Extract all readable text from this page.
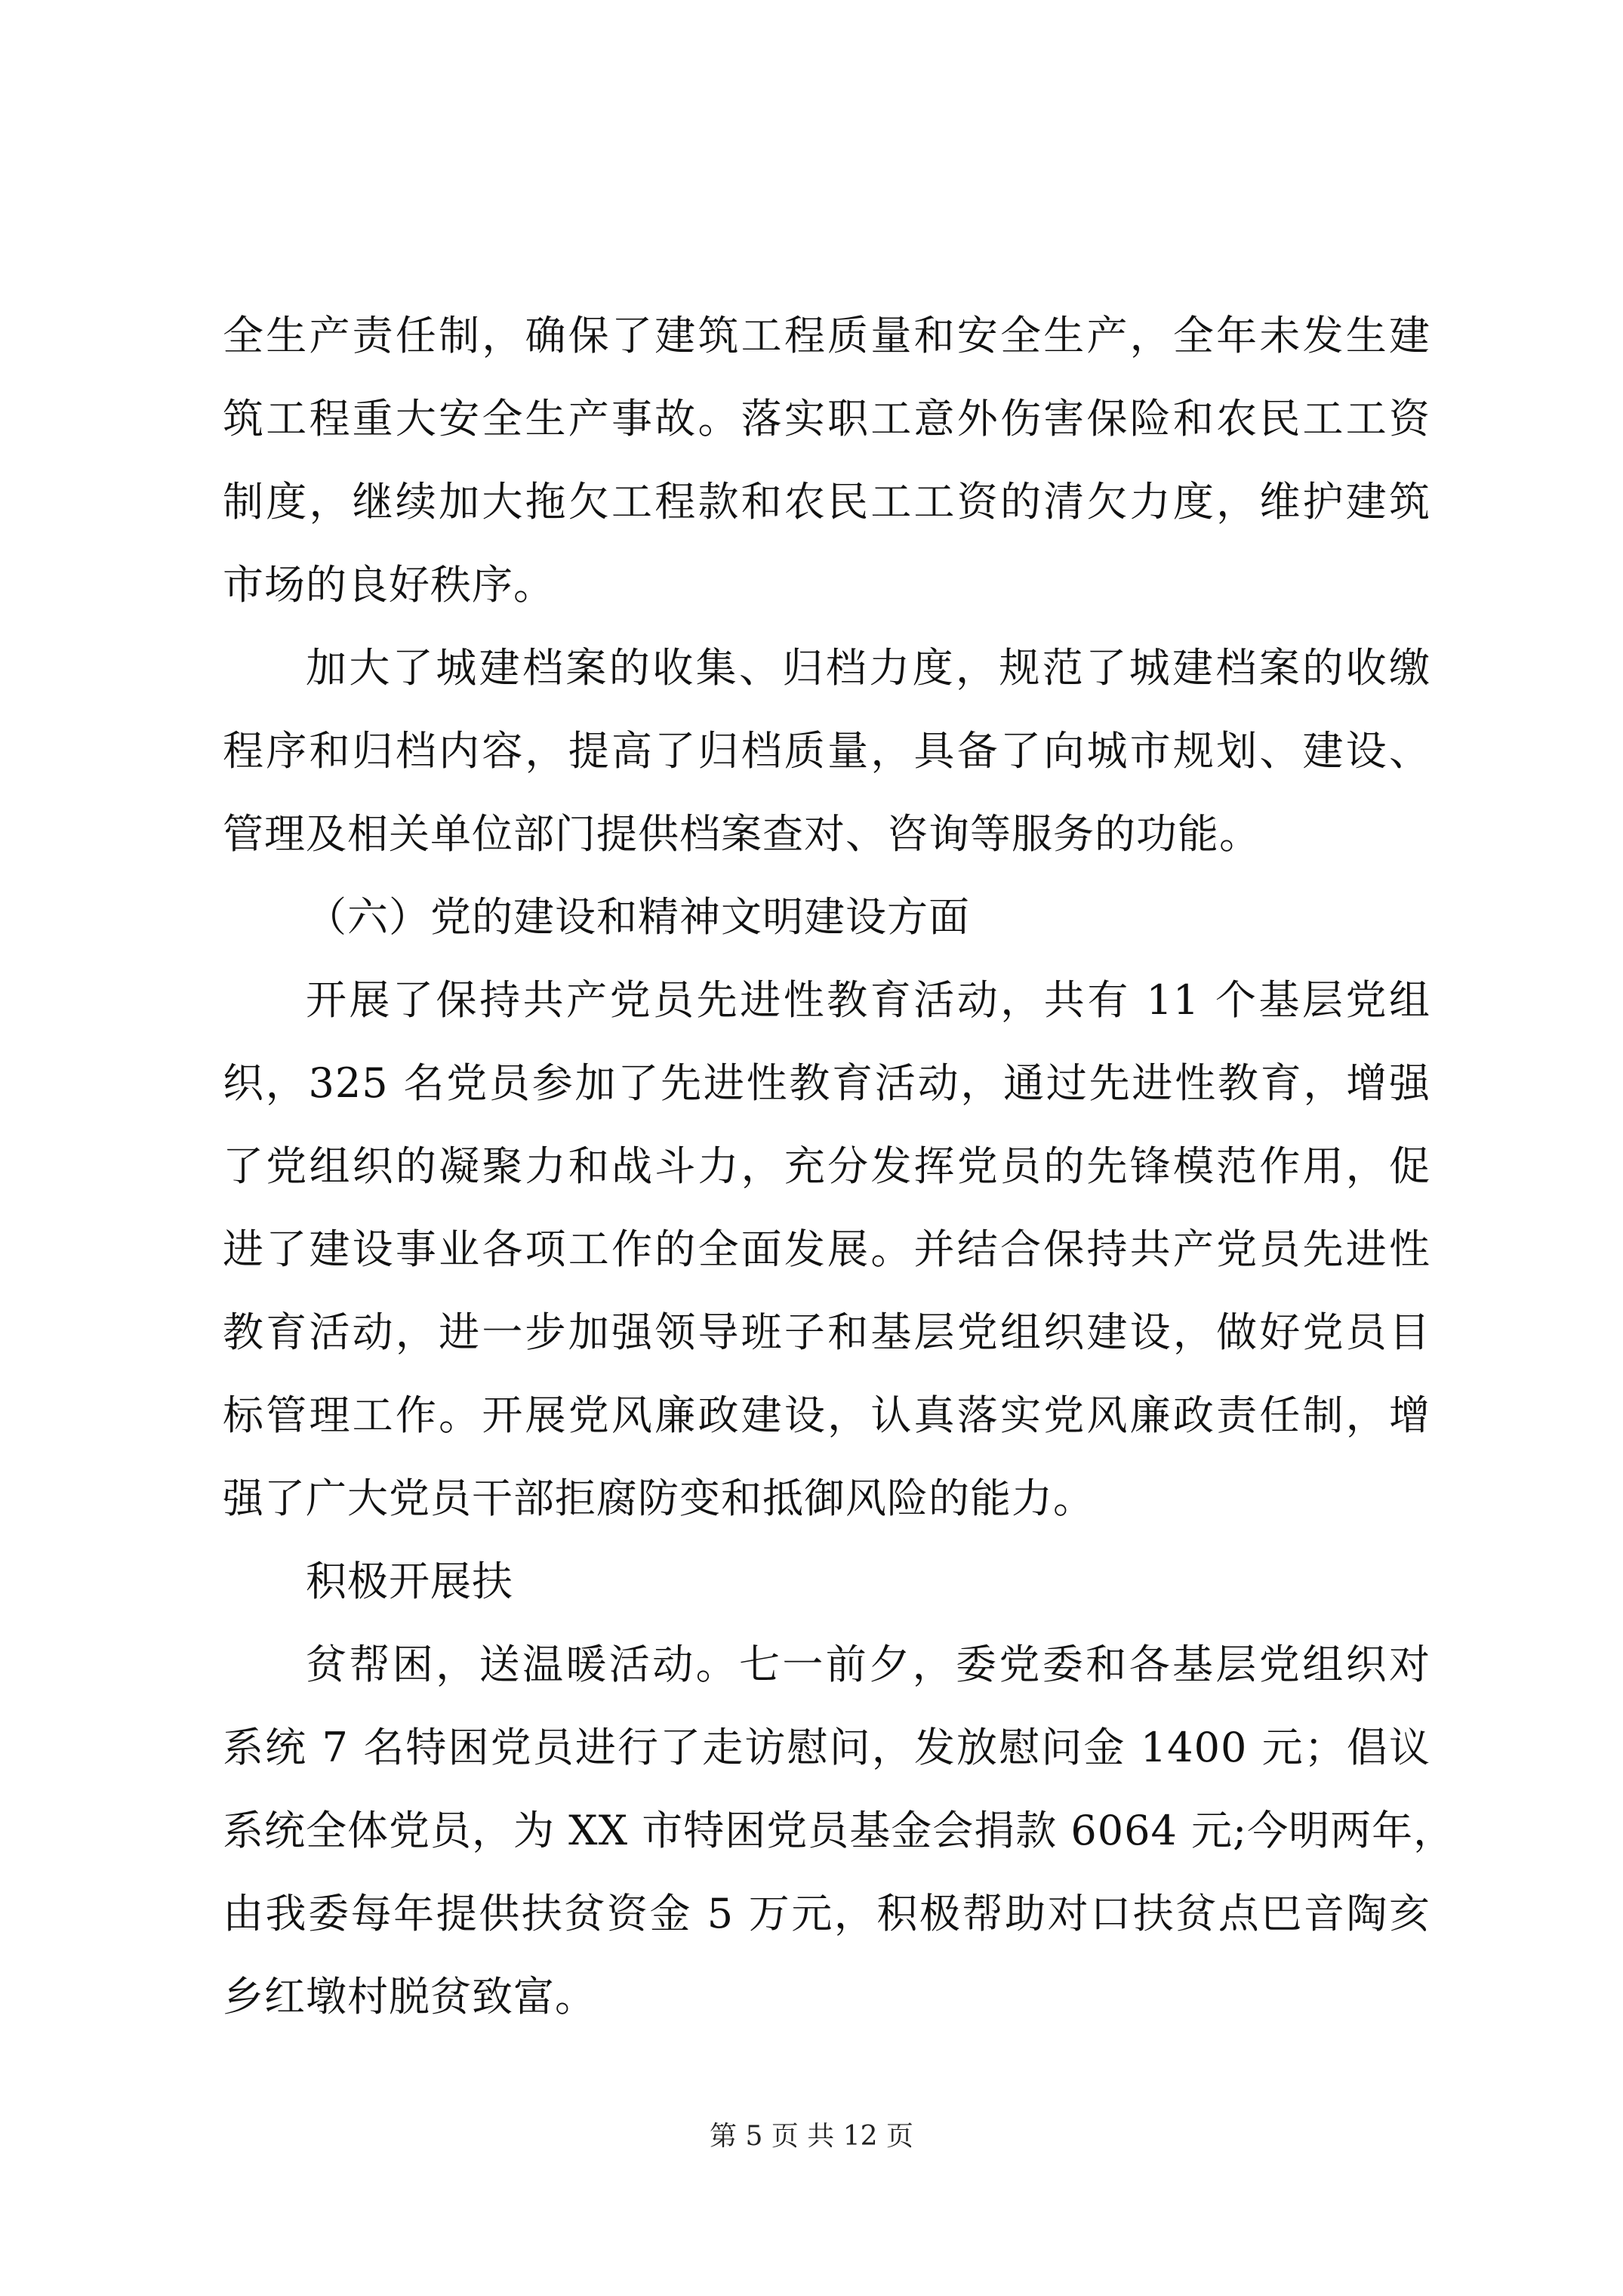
全生产责任制，确保了建筑工程质量和安全生产，全年未发生建
筑工程重大安全生产事故。落实职工意外伤害保险和农民工工资
制度，继续加大拖欠工程款和农民工工资的清欠力度，维护建筑
市场的良好秩序。
加大了城建档案的收集、归档力度，规范了城建档案的收缴
程序和归档内容，提高了归档质量，具备了向城市规划、建设、
管理及相关单位部门提供档案查对、咨询等服务的功能。
（六）党的建设和精神文明建设方面
开展了保持共产党员先进性教育活动，共有 11 个基层党组
织，325 名党员参加了先进性教育活动，通过先进性教育，增强
了党组织的凝聚力和战斗力，充分发挥党员的先锋模范作用，促
进了建设事业各项工作的全面发展。并结合保持共产党员先进性
教育活动，进一步加强领导班子和基层党组织建设，做好党员目
标管理工作。开展党风廉政建设，认真落实党风廉政责任制，增
强了广大党员干部拒腐防变和抵御风险的能力。
积极开展扶
贫帮困，送温暖活动。七一前夕，委党委和各基层党组织对
系统 7 名特困党员进行了走访慰问，发放慰问金 1400 元；倡议
系统全体党员，为 XX 市特困党员基金会捐款 6064 元;今明两年，
由我委每年提供扶贫资金 5 万元，积极帮助对口扶贫点巴音陶亥
乡红墩村脱贫致富。
第 5 页 共 12 页
